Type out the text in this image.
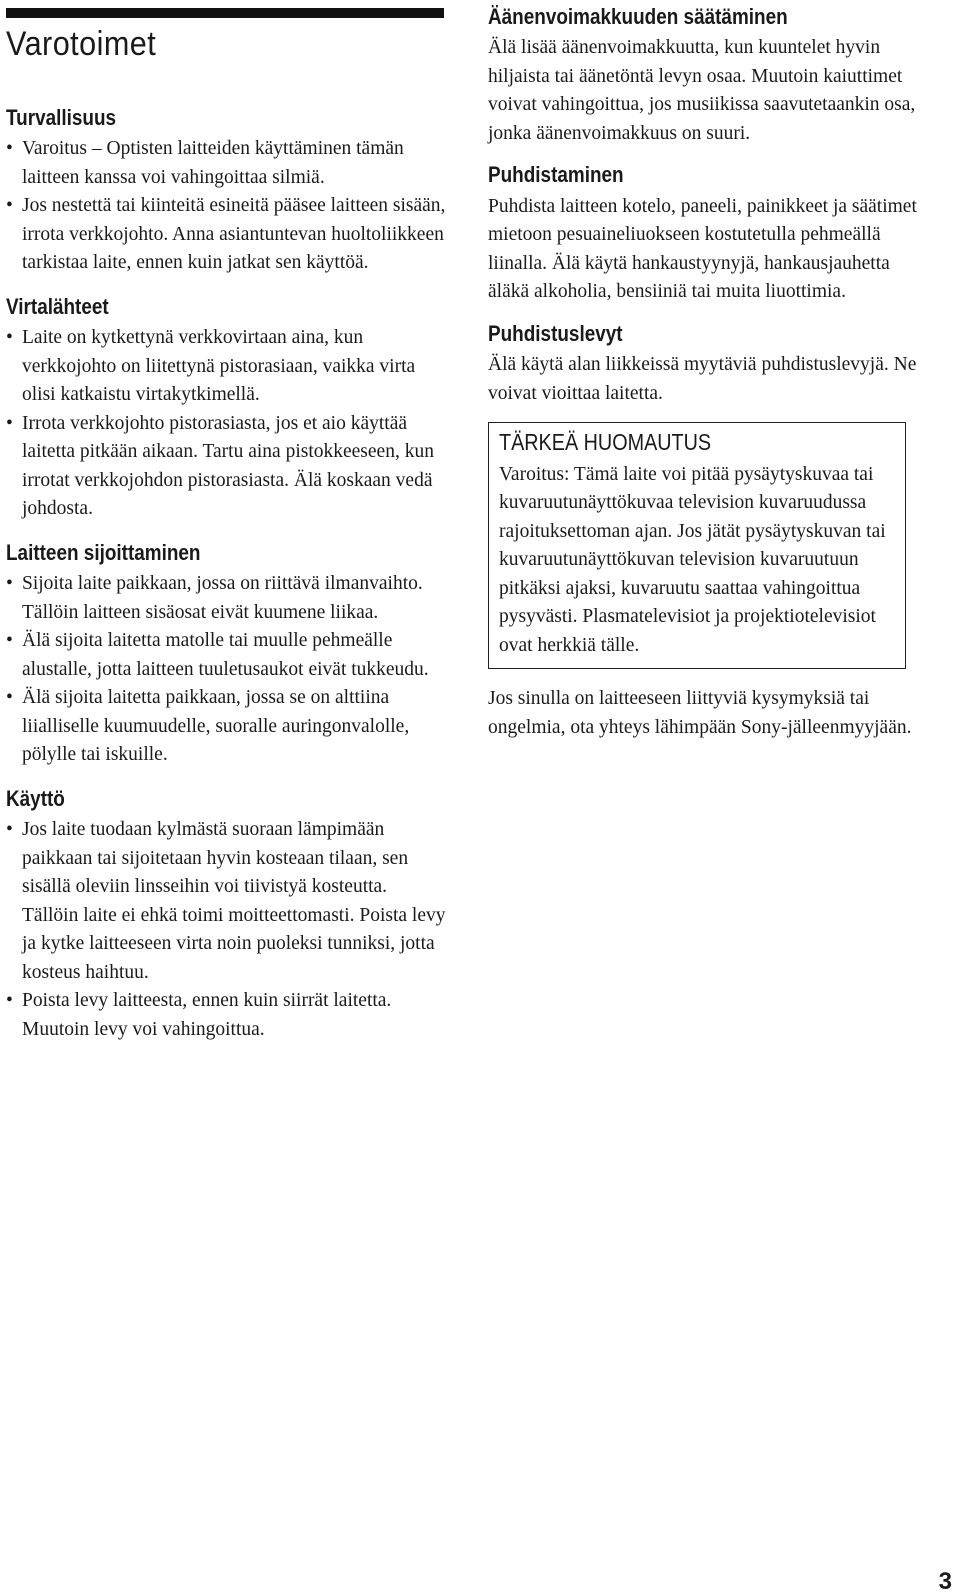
Varotoimet
Turvallisuus
• Varoitus – Optisten laitteiden käyttäminen tämän laitteen kanssa voi vahingoittaa silmiä.
• Jos nestettä tai kiinteitä esineitä pääsee laitteen sisään, irrota verkkojohto. Anna asiantuntevan huoltoliikkeen tarkistaa laite, ennen kuin jatkat sen käyttöä.
Virtalähteet
• Laite on kytkettynä verkkovirtaan aina, kun verkkojohto on liitettynä pistorasiaan, vaikka virta olisi katkaistu virtakytkimellä.
• Irrota verkkojohto pistorasiasta, jos et aio käyttää laitetta pitkään aikaan. Tartu aina pistokkeeseen, kun irrotat verkkojohdon pistorasiasta. Älä koskaan vedä johdosta.
Laitteen sijoittaminen
• Sijoita laite paikkaan, jossa on riittävä ilmanvaihto. Tällöin laitteen sisäosat eivät kuumene liikaa.
• Älä sijoita laitetta matolle tai muulle pehmeälle alustalle, jotta laitteen tuuletusaukot eivät tukkeudu.
• Älä sijoita laitetta paikkaan, jossa se on alttiina liialliselle kuumuudelle, suoralle auringonvalolle, pölylle tai iskuille.
Käyttö
• Jos laite tuodaan kylmästä suoraan lämpimään paikkaan tai sijoitetaan hyvin kosteaan tilaan, sen sisällä oleviin linsseihin voi tiivistyä kosteutta. Tällöin laite ei ehkä toimi moitteettomasti. Poista levy ja kytke laitteeseen virta noin puoleksi tunniksi, jotta kosteus haihtuu.
• Poista levy laitteesta, ennen kuin siirrät laitetta. Muutoin levy voi vahingoittua.
Äänenvoimakkuuden säätäminen

Älä lisää äänenvoimakkuutta, kun kuuntelet hyvin hiljaista tai äänetöntä levyn osaa. Muutoin kaiuttimet voivat vahingoittua, jos musiikissa saavutetaankin osa, jonka äänenvoimakkuus on suuri.

Puhdistaminen

Puhdista laitteen kotelo, paneeli, painikkeet ja säätimet mietoon pesuaineliuokseen kostutetulla pehmeällä liinalla. Älä käytä hankaustyynyjä, hankausjauhetta äläkä alkoholia, bensiiniä tai muita liuottimia.

Puhdistuslevyt

Älä käytä alan liikkeissä myytäviä puhdistuslevyjä. Ne voivat vioittaa laitetta.

TÄRKEÄ HUOMAUTUS

Varoitus: Tämä laite voi pitää pysäytyskuvaa tai kuvaruutunäyttökuvaa television kuvaruudussa rajoituksettoman ajan. Jos jätät pysäytyskuvan tai kuvaruutunäyttökuvan television kuvaruutuun pitkäksi ajaksi, kuvaruutu saattaa vahingoittua pysyvästi. Plasmatelevisiot ja projektiotelevisiot ovat herkkiä tälle.

Jos sinulla on laitteeseen liittyviä kysymyksiä tai ongelmia, ota yhteys lähimpään Sony-jälleenmyyjään.

3
